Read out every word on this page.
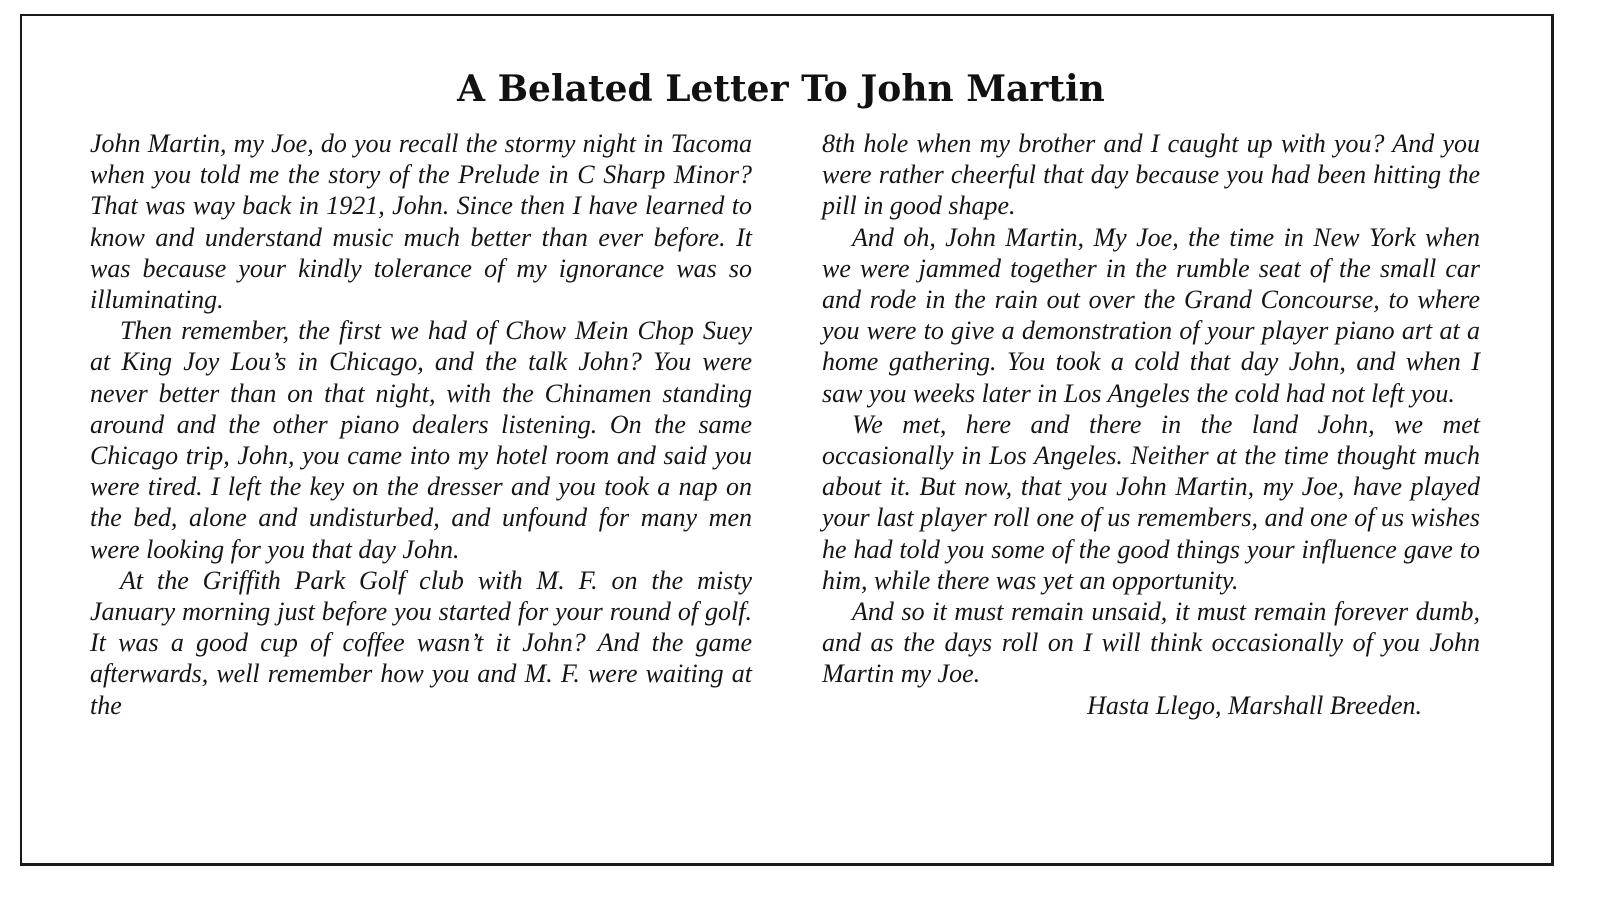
A Belated Letter To John Martin

John Martin, my Joe, do you recall the stormy night in Tacoma when you told me the story of the Prelude in C Sharp Minor? That was way back in 1921, John. Since then I have learned to know and understand music much better than ever before. It was because your kindly tolerance of my ignorance was so illuminating.

Then remember, the first we had of Chow Mein Chop Suey at King Joy Lou’s in Chicago, and the talk John? You were never better than on that night, with the Chinamen standing around and the other piano dealers listening. On the same Chicago trip, John, you came into my hotel room and said you were tired. I left the key on the dresser and you took a nap on the bed, alone and undisturbed, and unfound for many men were looking for you that day John.

At the Griffith Park Golf club with M. F. on the misty January morning just before you started for your round of golf. It was a good cup of coffee wasn’t it John? And the game afterwards, well remember how you and M. F. were waiting at the

8th hole when my brother and I caught up with you? And you were rather cheerful that day because you had been hitting the pill in good shape.

And oh, John Martin, My Joe, the time in New York when we were jammed together in the rumble seat of the small car and rode in the rain out over the Grand Concourse, to where you were to give a demonstration of your player piano art at a home gathering. You took a cold that day John, and when I saw you weeks later in Los Angeles the cold had not left you.

We met, here and there in the land John, we met occasionally in Los Angeles. Neither at the time thought much about it. But now, that you John Martin, my Joe, have played your last player roll one of us remembers, and one of us wishes he had told you some of the good things your influence gave to him, while there was yet an opportunity.

And so it must remain unsaid, it must remain forever dumb, and as the days roll on I will think occasionally of you John Martin my Joe.

Hasta Llego, Marshall Breeden.
